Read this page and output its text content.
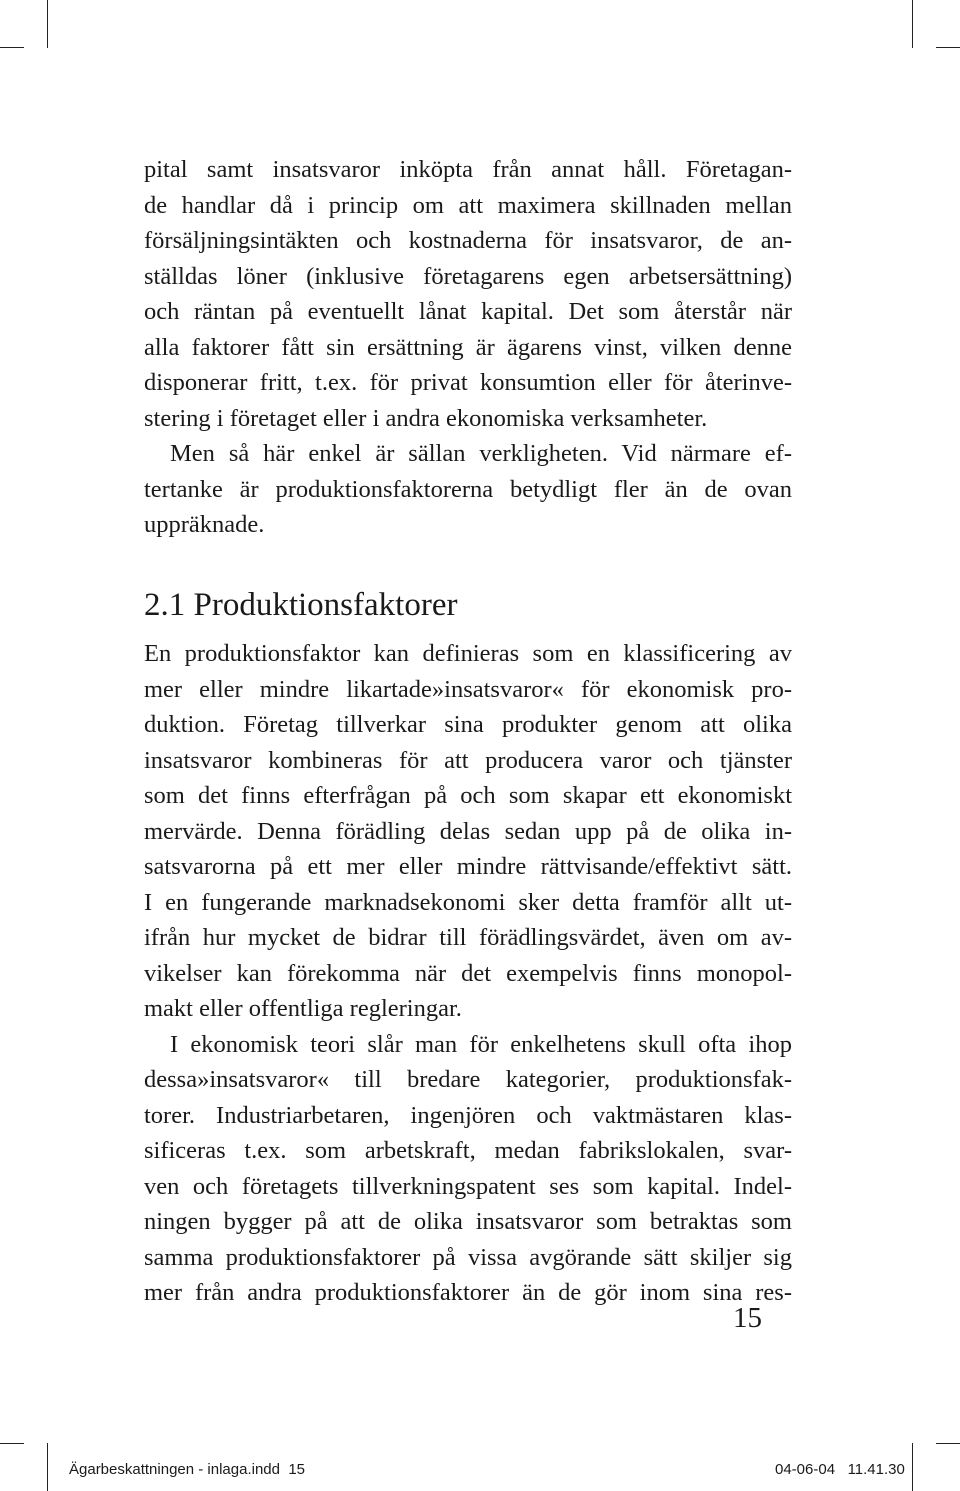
pital samt insatsvaror inköpta från annat håll. Företagan-
de handlar då i princip om att maximera skillnaden mellan
försäljningsintäkten och kostnaderna för insatsvaror, de an-
ställdas löner (inklusive företagarens egen arbetsersättning)
och räntan på eventuellt lånat kapital. Det som återstår när
alla faktorer fått sin ersättning är ägarens vinst, vilken denne
disponerar fritt, t.ex. för privat konsumtion eller för återinve-
stering i företaget eller i andra ekonomiska verksamheter.
Men så här enkel är sällan verkligheten. Vid närmare ef-
tertanke är produktionsfaktorerna betydligt fler än de ovan
uppräknade.
2.1 Produktionsfaktorer
En produktionsfaktor kan definieras som en klassificering av
mer eller mindre likartade»insatsvaror« för ekonomisk pro-
duktion. Företag tillverkar sina produkter genom att olika
insatsvaror kombineras för att producera varor och tjänster
som det finns efterfrågan på och som skapar ett ekonomiskt
mervärde. Denna förädling delas sedan upp på de olika in-
satsvarorna på ett mer eller mindre rättvisande/effektivt sätt.
I en fungerande marknadsekonomi sker detta framför allt ut-
ifrån hur mycket de bidrar till förädlingsvärdet, även om av-
vikelser kan förekomma när det exempelvis finns monopol-
makt eller offentliga regleringar.
I ekonomisk teori slår man för enkelhetens skull ofta ihop
dessa»insatsvaror« till bredare kategorier, produktionsfak-
torer. Industriarbetaren, ingenjören och vaktmästaren klas-
sificeras t.ex. som arbetskraft, medan fabrikslokalen, svar-
ven och företagets tillverkningspatent ses som kapital. Indel-
ningen bygger på att de olika insatsvaror som betraktas som
samma produktionsfaktorer på vissa avgörande sätt skiljer sig
mer från andra produktionsfaktorer än de gör inom sina res-
15
Ägarbeskattningen - inlaga.indd 15	04-06-04 11.41.30
